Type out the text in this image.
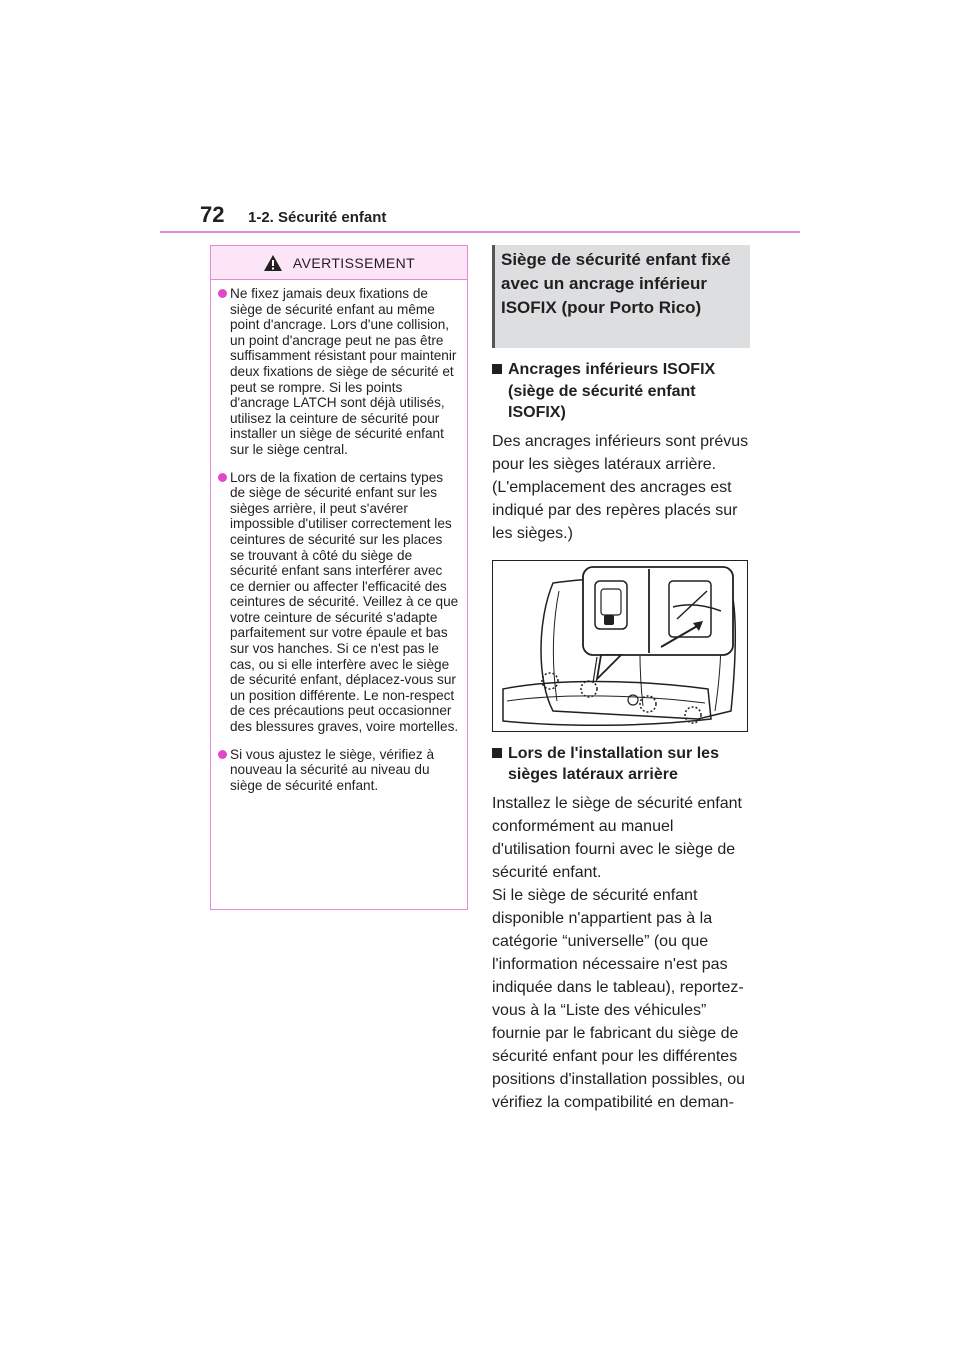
72 1-2. Sécurité enfant
AVERTISSEMENT
Ne fixez jamais deux fixations de siège de sécurité enfant au même point d'ancrage. Lors d'une collision, un point d'ancrage peut ne pas être suffisamment résistant pour maintenir deux fixations de siège de sécurité et peut se rompre. Si les points d'ancrage LATCH sont déjà utilisés, utilisez la ceinture de sécurité pour installer un siège de sécurité enfant sur le siège central.
Lors de la fixation de certains types de siège de sécurité enfant sur les sièges arrière, il peut s'avérer impossible d'utiliser correctement les ceintures de sécurité sur les places se trouvant à côté du siège de sécurité enfant sans interférer avec ce dernier ou affecter l'efficacité des ceintures de sécurité. Veillez à ce que votre ceinture de sécurité s'adapte parfaitement sur votre épaule et bas sur vos hanches. Si ce n'est pas le cas, ou si elle interfère avec le siège de sécurité enfant, déplacez-vous sur un position différente. Le non-respect de ces précautions peut occasionner des blessures graves, voire mortelles.
Si vous ajustez le siège, vérifiez à nouveau la sécurité au niveau du siège de sécurité enfant.
Siège de sécurité enfant fixé avec un ancrage inférieur ISOFIX (pour Porto Rico)
Ancrages inférieurs ISOFIX (siège de sécurité enfant ISOFIX)
Des ancrages inférieurs sont prévus pour les sièges latéraux arrière. (L'emplacement des ancrages est indiqué par des repères placés sur les sièges.)
Lors de l'installation sur les sièges latéraux arrière
Installez le siège de sécurité enfant conformément au manuel d'utilisation fourni avec le siège de sécurité enfant.
Si le siège de sécurité enfant disponible n'appartient pas à la catégorie “universelle” (ou que l'information nécessaire n'est pas indiquée dans le tableau), reportez-vous à la “Liste des véhicules” fournie par le fabricant du siège de sécurité enfant pour les différentes positions d'installation possibles, ou vérifiez la compatibilité en deman-
